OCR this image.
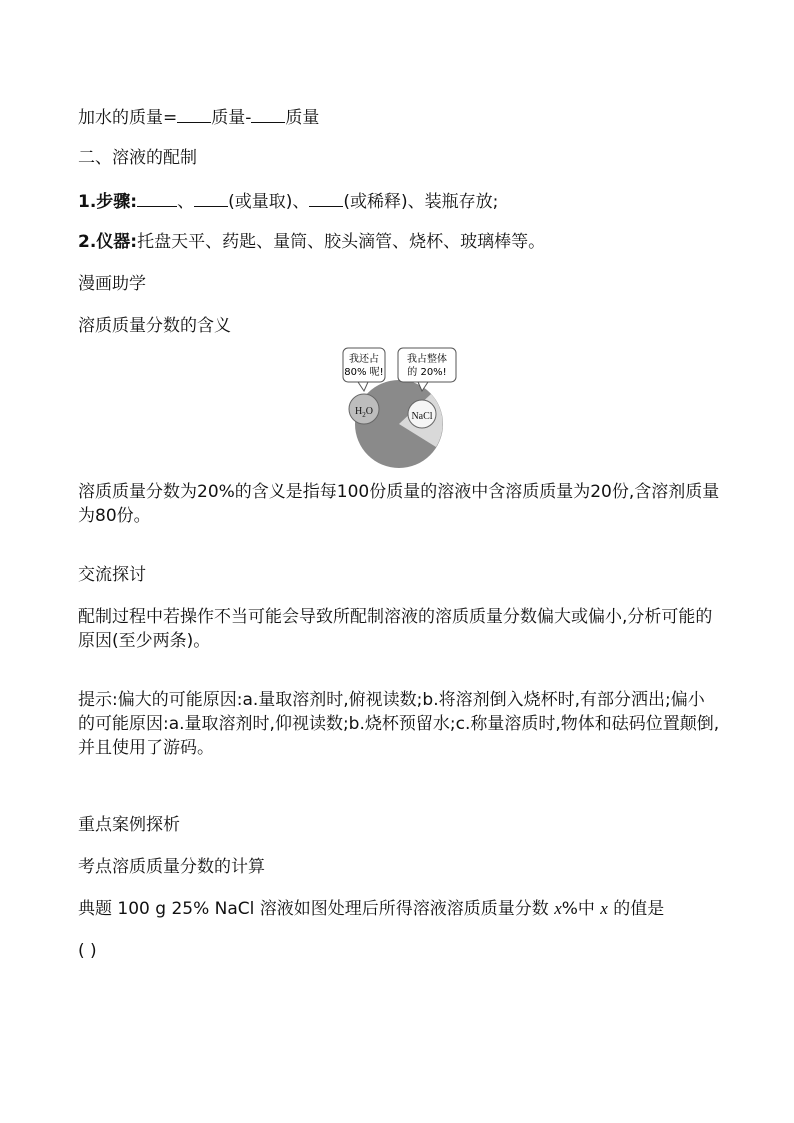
加水的质量= 质量- 质量
二、溶液的配制
1.步骤: 、 (或量取)、 (或稀释)、装瓶存放;
2.仪器:托盘天平、药匙、量筒、胶头滴管、烧杯、玻璃棒等。
漫画助学
溶质质量分数的含义
$H_2O$	NaCl
我还占
80% 呢!
我占整体
的 20%!
溶质质量分数为20%的含义是指每100份质量的溶液中含溶质质量为20份,含溶剂质量为80份。
交流探讨
配制过程中若操作不当可能会导致所配制溶液的溶质质量分数偏大或偏小,分析可能的原因(至少两条)。
提示:偏大的可能原因:a.量取溶剂时,俯视读数;b.将溶剂倒入烧杯时,有部分洒出;偏小的可能原因:a.量取溶剂时,仰视读数;b.烧杯预留水;c.称量溶质时,物体和砝码位置颠倒,并且使用了游码。
重点案例探析
考点溶质质量分数的计算
典题 100 g 25% NaCl 溶液如图处理后所得溶液溶质质量分数 x%中 x 的值是
( )
